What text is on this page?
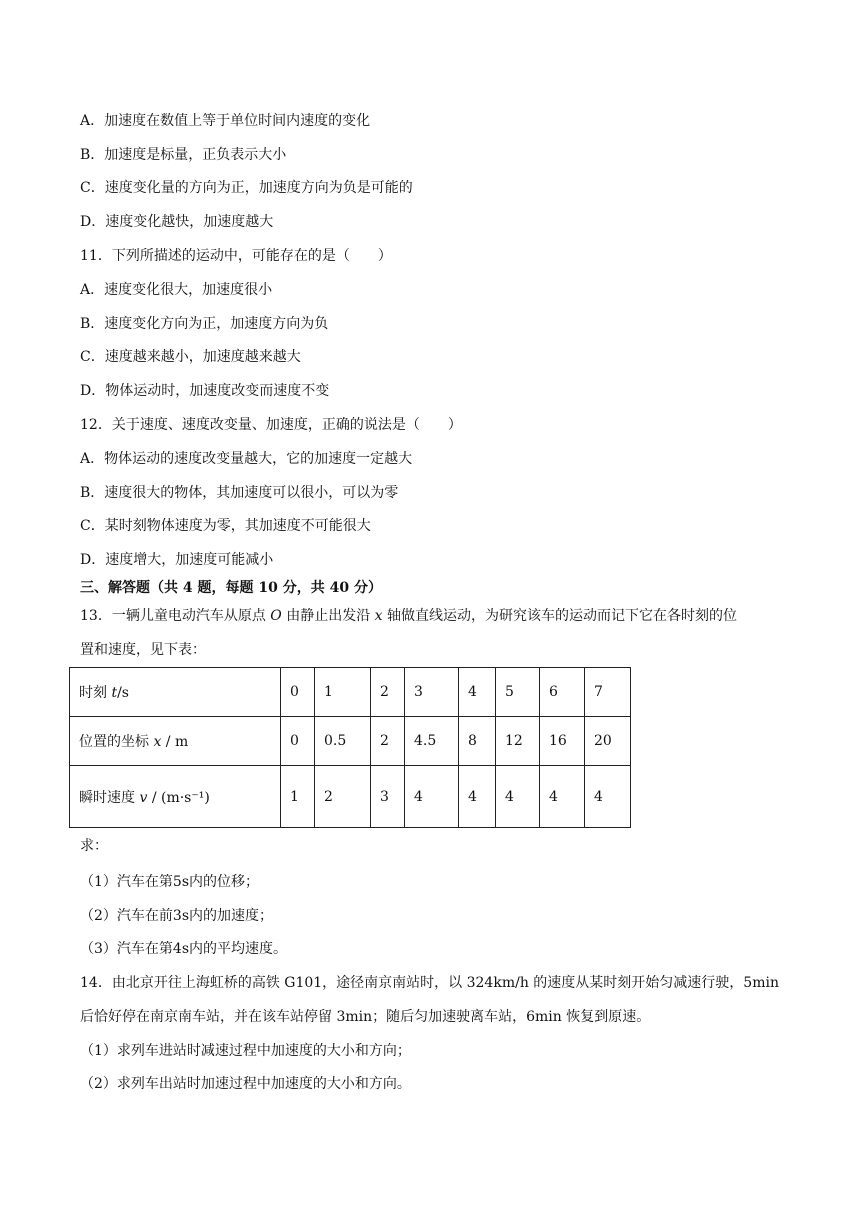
A．加速度在数值上等于单位时间内速度的变化
B．加速度是标量，正负表示大小
C．速度变化量的方向为正，加速度方向为负是可能的
D．速度变化越快，加速度越大
11．下列所描述的运动中，可能存在的是（ ）
A．速度变化很大，加速度很小
B．速度变化方向为正，加速度方向为负
C．速度越来越小，加速度越来越大
D．物体运动时，加速度改变而速度不变
12．关于速度、速度改变量、加速度，正确的说法是（ ）
A．物体运动的速度改变量越大，它的加速度一定越大
B．速度很大的物体，其加速度可以很小，可以为零
C．某时刻物体速度为零，其加速度不可能很大
D．速度增大，加速度可能减小
三、解答题（共 4 题，每题 10 分，共 40 分）
13．一辆儿童电动汽车从原点 O 由静止出发沿 x 轴做直线运动，为研究该车的运动而记下它在各时刻的位
置和速度，见下表：
时刻 t/s	0	1	2	3	4	5	6	7
位置的坐标 x / m	0	0.5	2	4.5	8	12	16	20
瞬时速度 v / (m·s⁻¹)	1	2	3	4	4	4	4	4
求：
（1）汽车在第5s内的位移；
（2）汽车在前3s内的加速度；
（3）汽车在第4s内的平均速度。
14．由北京开往上海虹桥的高铁 G101，途径南京南站时，以 324km/h 的速度从某时刻开始匀减速行驶，5min
后恰好停在南京南车站，并在该车站停留 3min；随后匀加速驶离车站，6min 恢复到原速。
（1）求列车进站时减速过程中加速度的大小和方向；
（2）求列车出站时加速过程中加速度的大小和方向。
